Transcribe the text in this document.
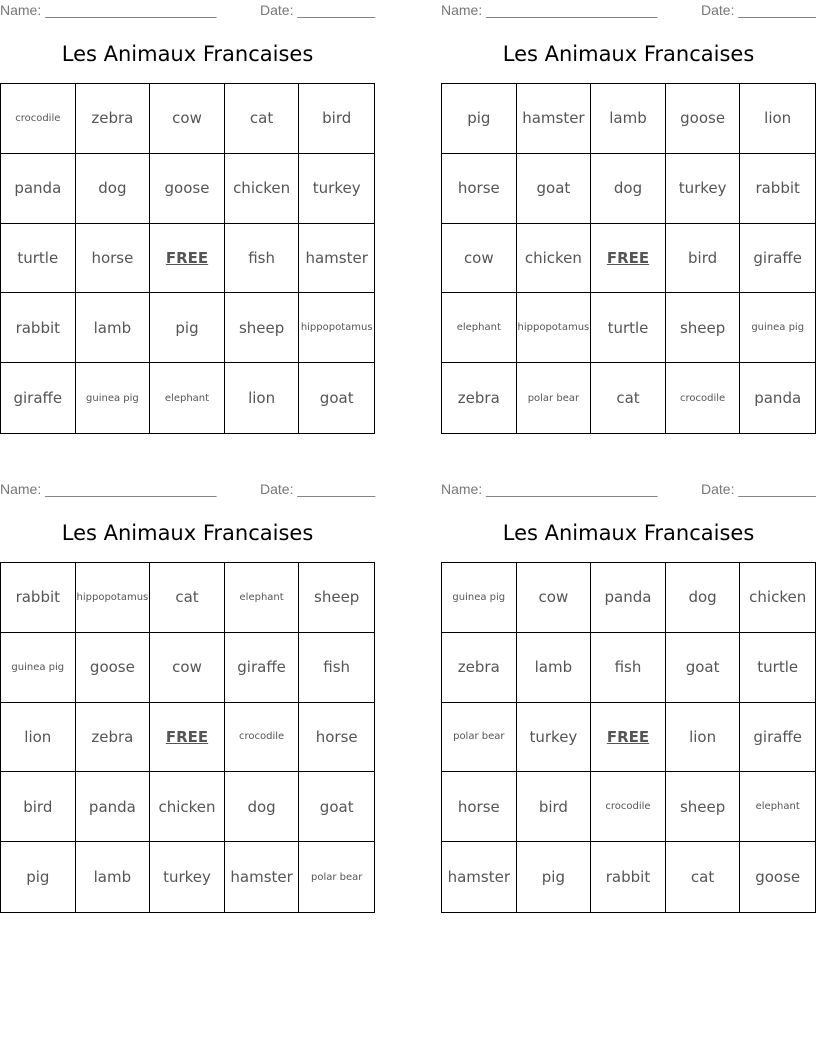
Name: ______________________	Date: __________
Les Animaux Francaises
crocodile	zebra	cow	cat	bird
panda	dog	goose	chicken	turkey
turtle	horse	FREE	fish	hamster
rabbit	lamb	pig	sheep	hippopotamus
giraffe	guinea pig	elephant	lion	goat
Name: ______________________	Date: __________
Les Animaux Francaises
pig	hamster	lamb	goose	lion
horse	goat	dog	turkey	rabbit
cow	chicken	FREE	bird	giraffe
elephant	hippopotamus	turtle	sheep	guinea pig
zebra	polar bear	cat	crocodile	panda
Name: ______________________	Date: __________
Les Animaux Francaises
rabbit	hippopotamus	cat	elephant	sheep
guinea pig	goose	cow	giraffe	fish
lion	zebra	FREE	crocodile	horse
bird	panda	chicken	dog	goat
pig	lamb	turkey	hamster	polar bear
Name: ______________________	Date: __________
Les Animaux Francaises
guinea pig	cow	panda	dog	chicken
zebra	lamb	fish	goat	turtle
polar bear	turkey	FREE	lion	giraffe
horse	bird	crocodile	sheep	elephant
hamster	pig	rabbit	cat	goose
